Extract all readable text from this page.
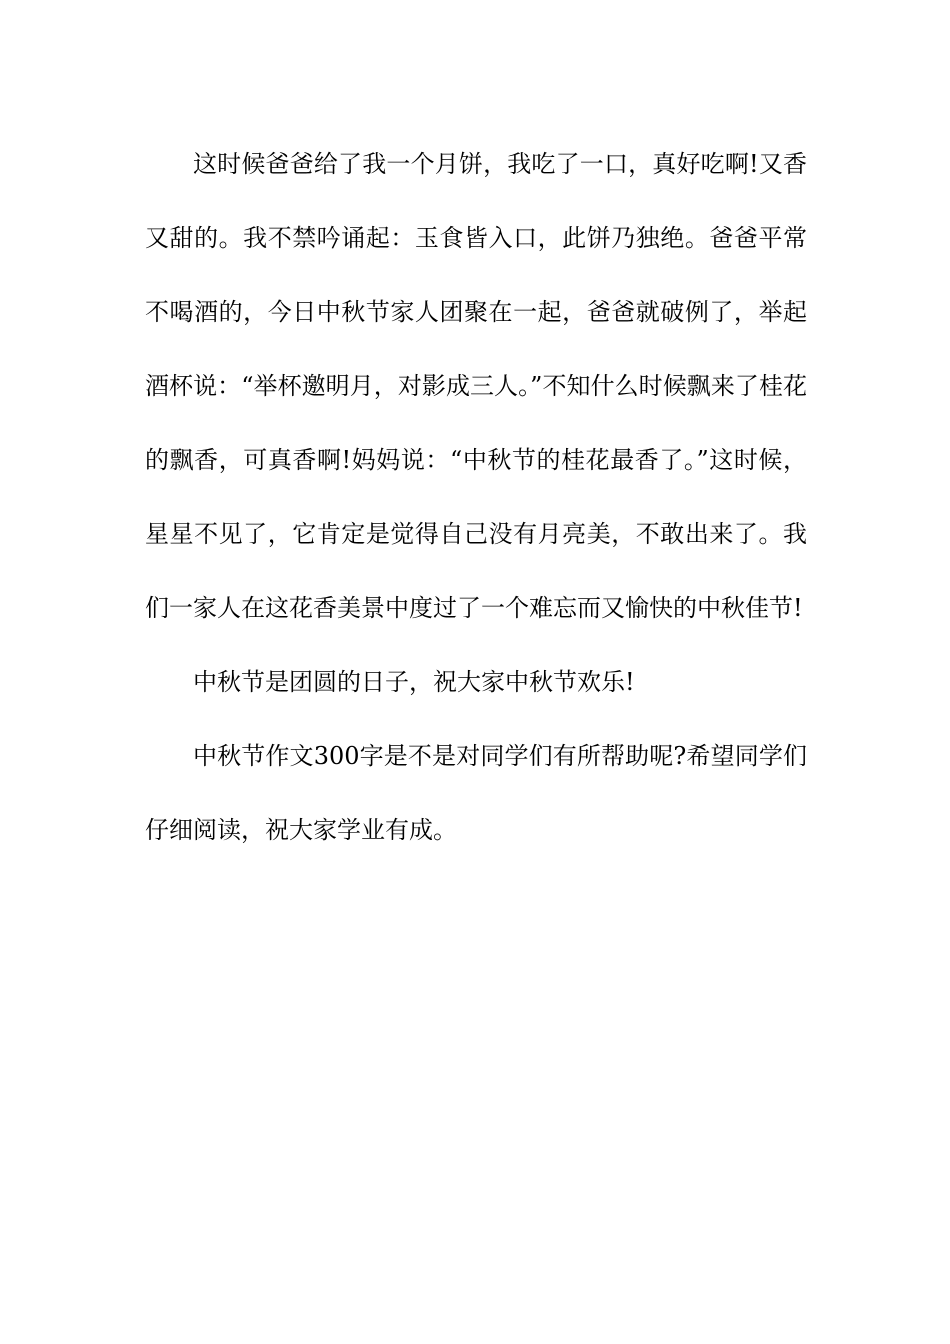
这时候爸爸给了我一个月饼，我吃了一口，真好吃啊!又香又甜的。我不禁吟诵起：玉食皆入口，此饼乃独绝。爸爸平常不喝酒的，今日中秋节家人团聚在一起，爸爸就破例了，举起酒杯说：“举杯邀明月，对影成三人。”不知什么时候飘来了桂花的飘香，可真香啊!妈妈说：“中秋节的桂花最香了。”这时候，星星不见了，它肯定是觉得自己没有月亮美，不敢出来了。我们一家人在这花香美景中度过了一个难忘而又愉快的中秋佳节!

中秋节是团圆的日子，祝大家中秋节欢乐!

中秋节作文300字是不是对同学们有所帮助呢?希望同学们仔细阅读，祝大家学业有成。
